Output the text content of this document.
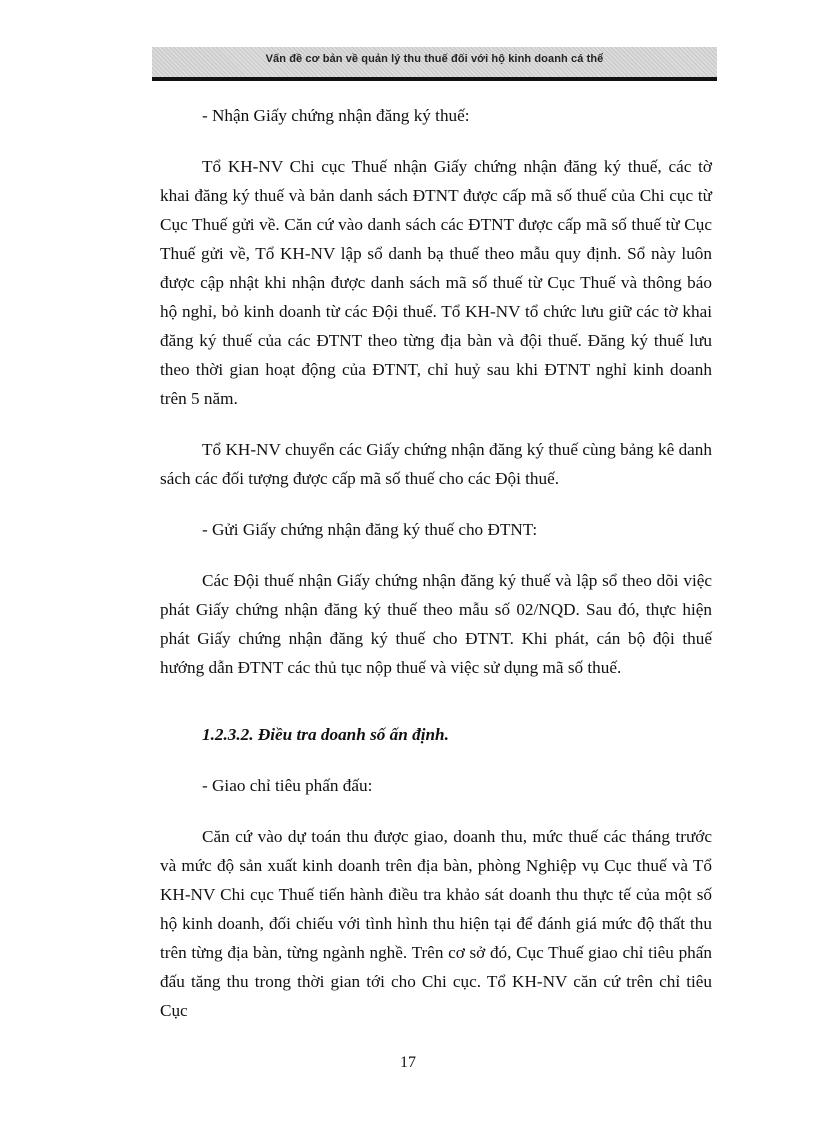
Vấn đề cơ bản về quản lý thu thuế đối với hộ kinh doanh cá thể

- Nhận Giấy chứng nhận đăng ký thuế:

Tổ KH-NV Chi cục Thuế nhận Giấy chứng nhận đăng ký thuế, các tờ khai đăng ký thuế và bản danh sách ĐTNT được cấp mã số thuế của Chi cục từ Cục Thuế gửi về. Căn cứ vào danh sách các ĐTNT được cấp mã số thuế từ Cục Thuế gửi về, Tổ KH-NV lập sổ danh bạ thuế theo mẫu quy định. Sổ này luôn được cập nhật khi nhận được danh sách mã số thuế từ Cục Thuế và thông báo hộ nghỉ, bỏ kinh doanh từ các Đội thuế. Tổ KH-NV tổ chức lưu giữ các tờ khai đăng ký thuế của các ĐTNT theo từng địa bàn và đội thuế. Đăng ký thuế lưu theo thời gian hoạt động của ĐTNT, chỉ huỷ sau khi ĐTNT nghỉ kinh doanh trên 5 năm.

Tổ KH-NV chuyển các Giấy chứng nhận đăng ký thuế cùng bảng kê danh sách các đối tượng được cấp mã số thuế cho các Đội thuế.

- Gửi Giấy chứng nhận đăng ký thuế cho ĐTNT:

Các Đội thuế nhận Giấy chứng nhận đăng ký thuế và lập sổ theo dõi việc phát Giấy chứng nhận đăng ký thuế theo mẫu số 02/NQD. Sau đó, thực hiện phát Giấy chứng nhận đăng ký thuế cho ĐTNT. Khi phát, cán bộ đội thuế hướng dẫn ĐTNT các thủ tục nộp thuế và việc sử dụng mã số thuế.

1.2.3.2. Điều tra doanh số ấn định.

- Giao chỉ tiêu phấn đấu:

Căn cứ vào dự toán thu được giao, doanh thu, mức thuế các tháng trước và mức độ sản xuất kinh doanh trên địa bàn, phòng Nghiệp vụ Cục thuế và Tổ KH-NV Chi cục Thuế tiến hành điều tra khảo sát doanh thu thực tế của một số hộ kinh doanh, đối chiếu với tình hình thu hiện tại để đánh giá mức độ thất thu trên từng địa bàn, từng ngành nghề. Trên cơ sở đó, Cục Thuế giao chỉ tiêu phấn đấu tăng thu trong thời gian tới cho Chi cục. Tổ KH-NV căn cứ trên chỉ tiêu Cục

17
